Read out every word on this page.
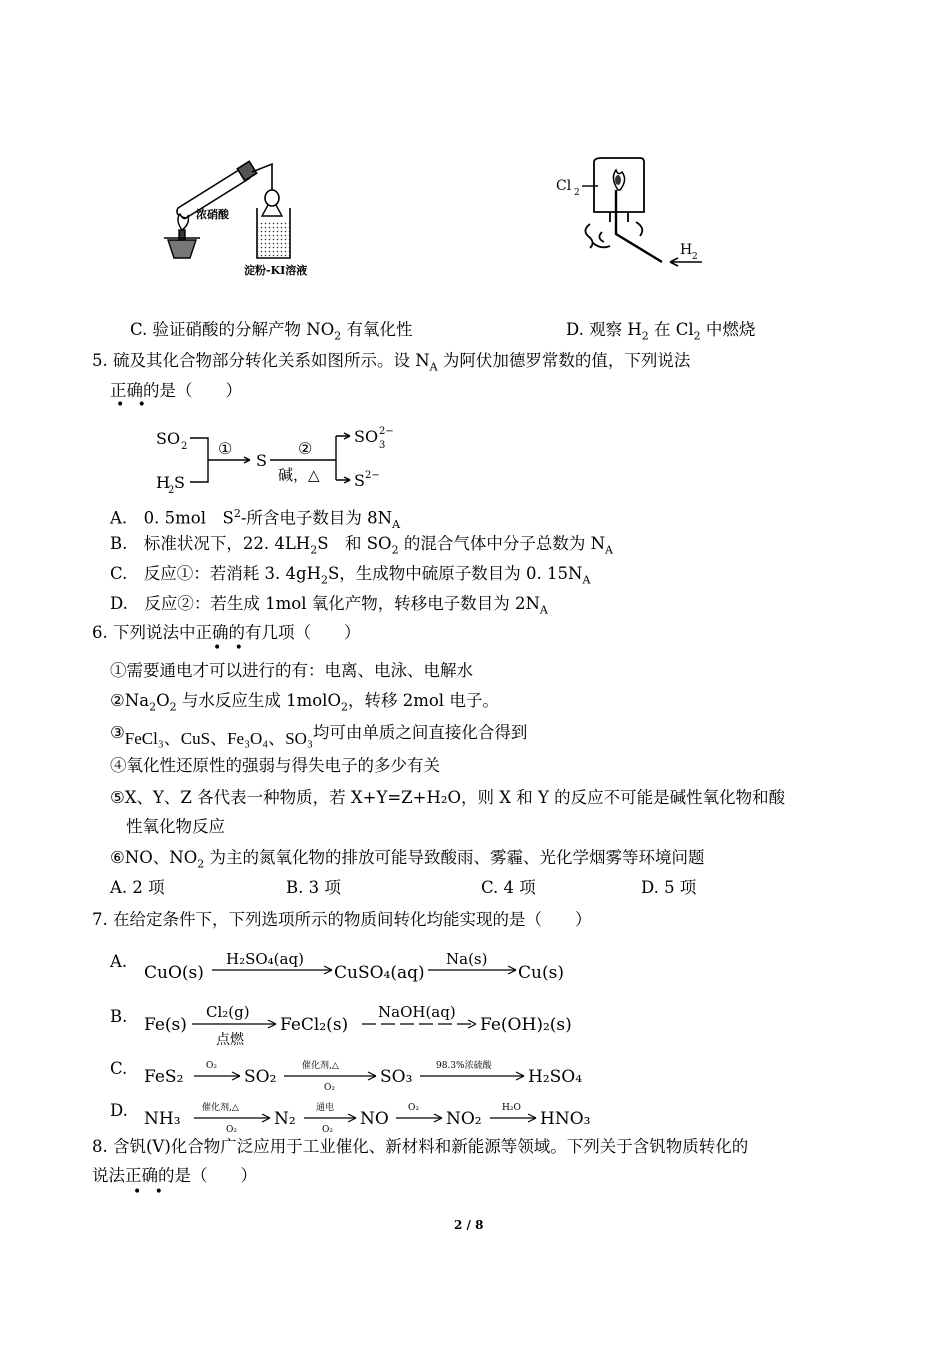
浓硝酸
淀粉-KI溶液
Cl 2
H 2
C. 验证硝酸的分解产物 $NO_2$ 有氧化性	D. 观察 $H_2$ 在 $Cl_2$ 中燃烧
5. 硫及其化合物部分转化关系如图所示。设 $N_A$ 为阿伏加德罗常数的值，下列说法
正确的是（　　）
•   •
SO 2
H
2 S
①
S
②
碱，△
SO 3
2−
S 2−
A.　0. 5mol　$S^2-$所含电子数目为 $8N_A$
B.　标准状况下，22. $4LH_2S$　和 $SO_2$ 的混合气体中分子总数为 $N_A$
C.　反应①：若消耗 3. $4gH_2S$，生成物中硫原子数目为 0. $15N_A$
D.　反应②：若生成 1mol 氧化产物，转移电子数目为 $2N_A$
6. 下列说法中正确的有几项（　　）
•   •
①需要通电才可以进行的有：电离、电泳、电解水
$②Na_2O_2$ 与水反应生成 1molO$_2$，转移 2mol 电子。
③FeCl₃、CuS、Fe₃O₄、SO₃均可由单质之间直接化合得到
④氧化性还原性的强弱与得失电子的多少有关
⑤X、Y、Z 各代表一种物质，若 X+Y=Z+H₂O，则 X 和 Y 的反应不可能是碱性氧化物和酸
性氧化物反应
⑥NO、$NO_2$ 为主的氮氧化物的排放可能导致酸雨、雾霾、光化学烟雾等环境问题
A. 2 项	B. 3 项	C. 4 项	D. 5 项
7. 在给定条件下，下列选项所示的物质间转化均能实现的是（　　）
A.
CuO(s)
H₂SO₄(aq)
CuSO₄(aq)
Na(s)
Cu(s)
B. Fe(s)
Cl₂(g)
点燃
FeCl₂(s)
NaOH(aq)
Fe(OH)₂(s)
C. FeS₂
O₂
SO₂
催化剂,△
O₂
SO₃
98.3%浓硫酸
H₂SO₄
D. NH₃
催化剂,△
O₂
N₂
通电
O₂
NO
O₂
NO₂
H₂O
HNO₃
8. 含钒(V)化合物广泛应用于工业催化、新材料和新能源等领域。下列关于含钒物质转化的
说法正确的是（　　）
•   •
2 / 8
